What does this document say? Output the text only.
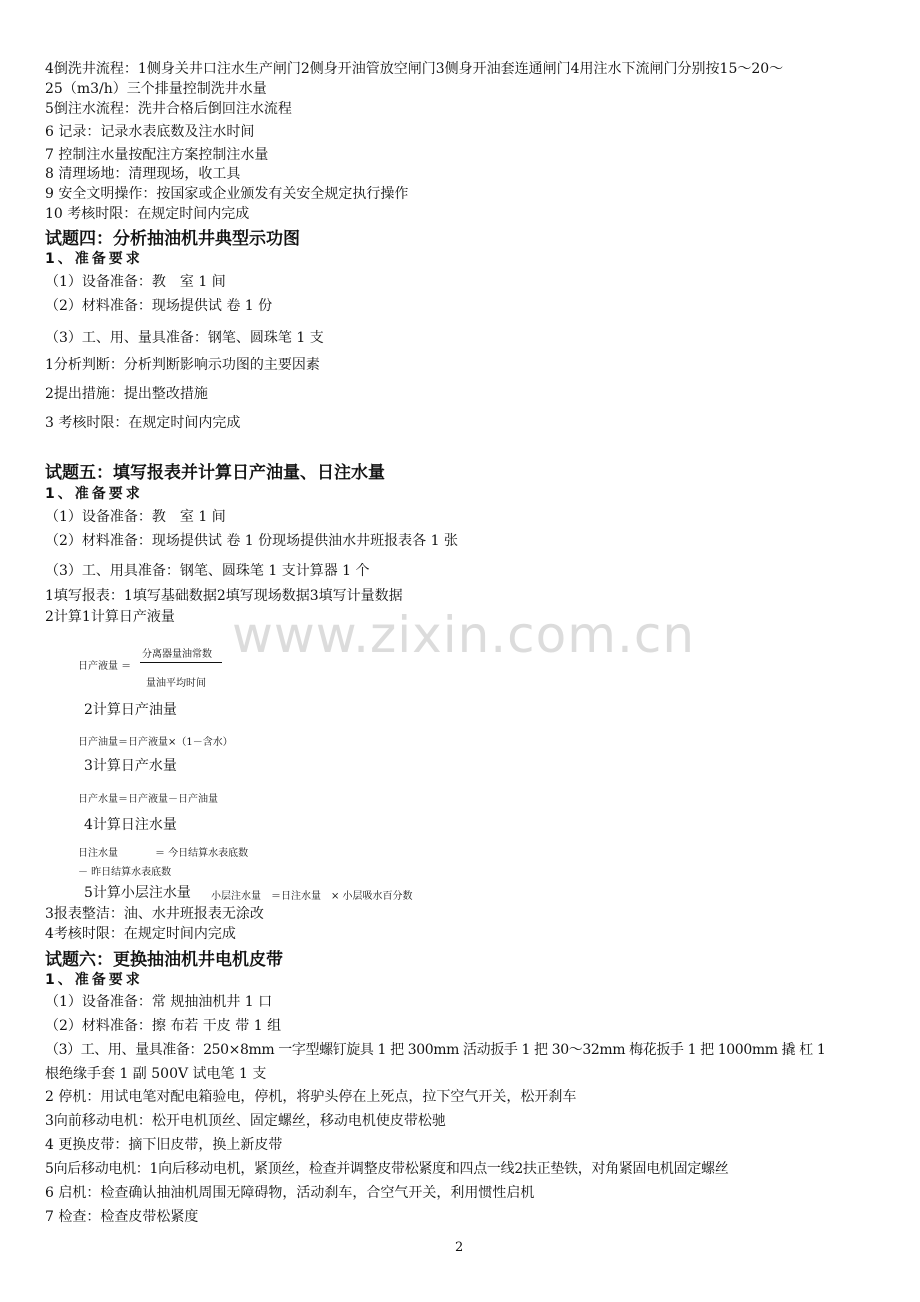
4倒洗井流程：1侧身关井口注水生产闸门2侧身开油管放空闸门3侧身开油套连通闸门4用注水下流闸门分别按15～20～
25（m3/h）三个排量控制洗井水量
5倒注水流程：洗井合格后倒回注水流程
6 记录：记录水表底数及注水时间
7 控制注水量按配注方案控制注水量
8 清理场地：清理现场，收工具
9 安全文明操作：按国家或企业颁发有关安全规定执行操作
10 考核时限：在规定时间内完成
试题四：分析抽油机井典型示功图
1、准备要求
（1）设备准备：教　室 1 间
（2）材料准备：现场提供试 卷 1 份
（3）工、用、量具准备：钢笔、圆珠笔 1 支
1分析判断：分析判断影响示功图的主要因素
2提出措施：提出整改措施
3 考核时限：在规定时间内完成
试题五：填写报表并计算日产油量、日注水量
1、准备要求
（1）设备准备：教　室 1 间
（2）材料准备：现场提供试 卷 1 份现场提供油水井班报表各 1 张
（3）工、用具准备：钢笔、圆珠笔 1 支计算器 1 个
1填写报表：1填写基础数据2填写现场数据3填写计量数据
2计算1计算日产液量
日产液量 ＝
分离器量油常数
量油平均时间
2计算日产油量
日产油量＝日产液量×（1－含水）
3计算日产水量
日产水量＝日产液量－日产油量
4计算日注水量
日注水量	＝ 今日结算水表底数
－ 昨日结算水表底数
5计算小层注水量 小层注水量　＝日注水量　× 小层吸水百分数
3报表整洁：油、水井班报表无涂改
4考核时限：在规定时间内完成
试题六：更换抽油机井电机皮带
1、准备要求
（1）设备准备：常 规抽油机井 1 口
（2）材料准备：擦 布若 干皮 带 1 组
（3）工、用、量具准备：250×8mm 一字型螺钉旋具 1 把 300mm 活动扳手 1 把 30～32mm 梅花扳手 1 把 1000mm 撬 杠 1
根绝缘手套 1 副 500V 试电笔 1 支
2 停机：用试电笔对配电箱验电，停机，将驴头停在上死点，拉下空气开关，松开刹车
3向前移动电机：松开电机顶丝、固定螺丝，移动电机使皮带松驰
4 更换皮带：摘下旧皮带，换上新皮带
5向后移动电机：1向后移动电机，紧顶丝，检查并调整皮带松紧度和四点一线2扶正垫铁，对角紧固电机固定螺丝
6 启机：检查确认抽油机周围无障碍物，活动刹车，合空气开关，利用惯性启机
7 检查：检查皮带松紧度
www.zixin.com.cn
2
